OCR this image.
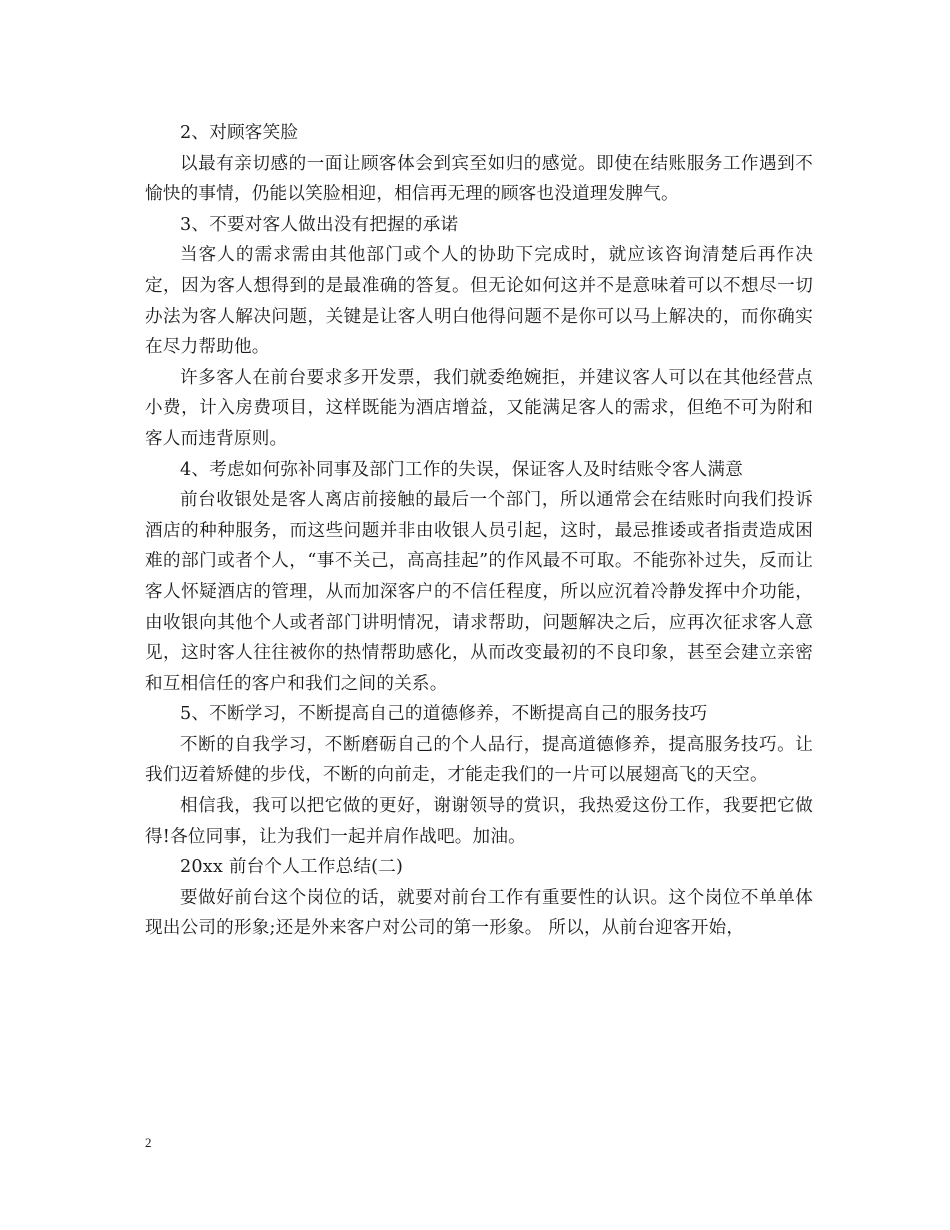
2、对顾客笑脸

以最有亲切感的一面让顾客体会到宾至如归的感觉。即使在结账服务工作遇到不愉快的事情，仍能以笑脸相迎，相信再无理的顾客也没道理发脾气。

3、不要对客人做出没有把握的承诺

当客人的需求需由其他部门或个人的协助下完成时，就应该咨询清楚后再作决定，因为客人想得到的是最准确的答复。但无论如何这并不是意味着可以不想尽一切办法为客人解决问题，关键是让客人明白他得问题不是你可以马上解决的，而你确实在尽力帮助他。

许多客人在前台要求多开发票，我们就委绝婉拒，并建议客人可以在其他经营点小费，计入房费项目，这样既能为酒店增益，又能满足客人的需求，但绝不可为附和客人而违背原则。

4、考虑如何弥补同事及部门工作的失误，保证客人及时结账令客人满意

前台收银处是客人离店前接触的最后一个部门，所以通常会在结账时向我们投诉酒店的种种服务，而这些问题并非由收银人员引起，这时，最忌推诿或者指责造成困难的部门或者个人，“事不关己，高高挂起”的作风最不可取。不能弥补过失，反而让客人怀疑酒店的管理，从而加深客户的不信任程度，所以应沉着冷静发挥中介功能，由收银向其他个人或者部门讲明情况，请求帮助，问题解决之后，应再次征求客人意见，这时客人往往被你的热情帮助感化，从而改变最初的不良印象，甚至会建立亲密和互相信任的客户和我们之间的关系。

5、不断学习，不断提高自己的道德修养，不断提高自己的服务技巧

不断的自我学习，不断磨砺自己的个人品行，提高道德修养，提高服务技巧。让我们迈着矫健的步伐，不断的向前走，才能走我们的一片可以展翅高飞的天空。

相信我，我可以把它做的更好，谢谢领导的赏识，我热爱这份工作，我要把它做得!各位同事，让为我们一起并肩作战吧。加油。

20xx 前台个人工作总结(二)

要做好前台这个岗位的话，就要对前台工作有重要性的认识。这个岗位不单单体现出公司的形象;还是外来客户对公司的第一形象。 所以，从前台迎客开始，

2
